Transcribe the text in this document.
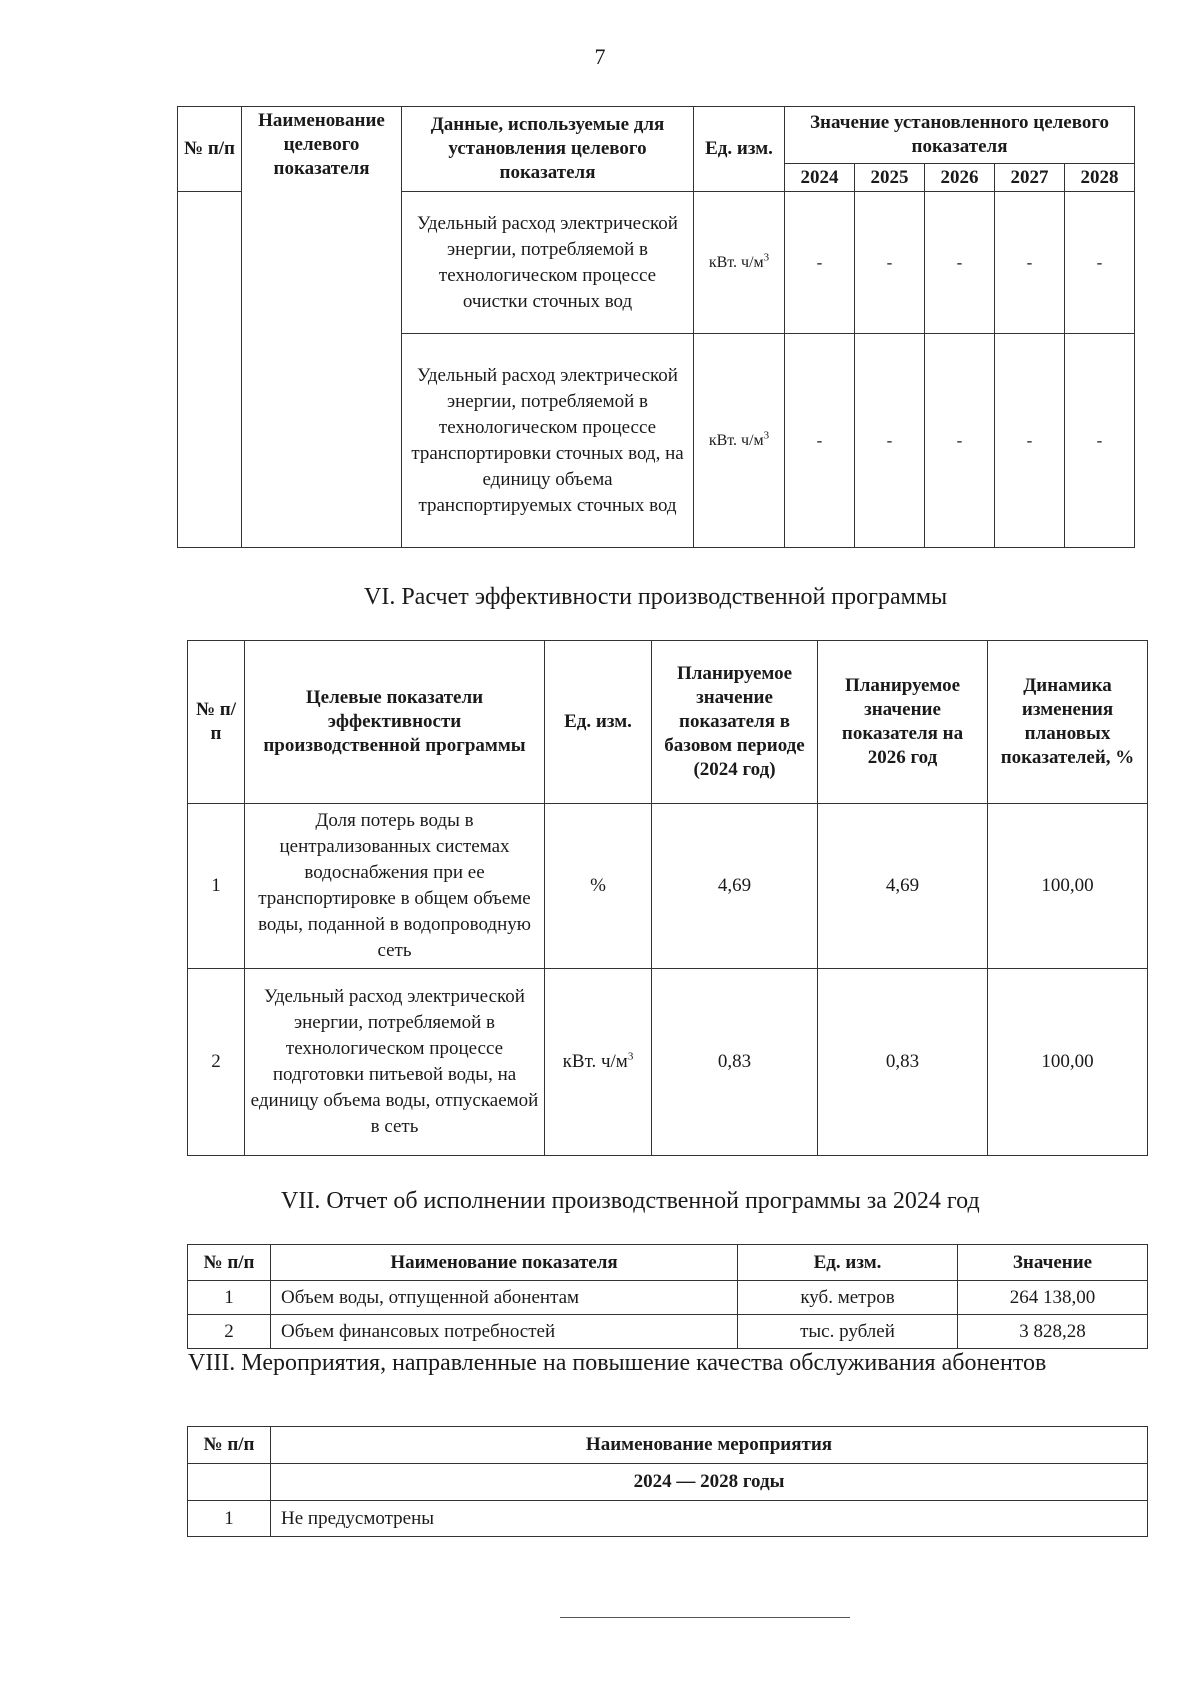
7
№ п/п	Наименование целевого показателя	Данные, используемые для установления целевого показателя	Ед. изм.	Значение установленного целевого показателя				
				2024	2025	2026	2027	2028
		Удельный расход электрической энергии, потребляемой в технологическом процессе очистки сточных вод	кВт. $ч/м^3$	-	-	-	-	-
		Удельный расход электрической энергии, потребляемой в технологическом процессе транспортировки сточных вод, на единицу объема транспортируемых сточных вод	кВт. $ч/м^3$	-	-	-	-	-
VI. Расчет эффективности производственной программы
№ п/п	Целевые показатели эффективности производственной программы	Ед. изм.	Планируемое значение показателя в базовом периоде (2024 год)	Планируемое значение показателя на 2026 год	Динамика изменения плановых показателей, %
1	Доля потерь воды в централизованных системах водоснабжения при ее транспортировке в общем объеме воды, поданной в водопроводную сеть	%	4,69	4,69	100,00
2	Удельный расход электрической энергии, потребляемой в технологическом процессе подготовки питьевой воды, на единицу объема воды, отпускаемой в сеть	кВт. $ч/м^3$	0,83	0,83	100,00
VII. Отчет об исполнении производственной программы за 2024 год
№ п/п	Наименование показателя	Ед. изм.	Значение
1	Объем воды, отпущенной абонентам	куб. метров	264 138,00
2	Объем финансовых потребностей	тыс. рублей	3 828,28
VIII. Мероприятия, направленные на повышение качества обслуживания абонентов
№ п/п	Наименование мероприятия
	2024 — 2028 годы
1	Не предусмотрены
